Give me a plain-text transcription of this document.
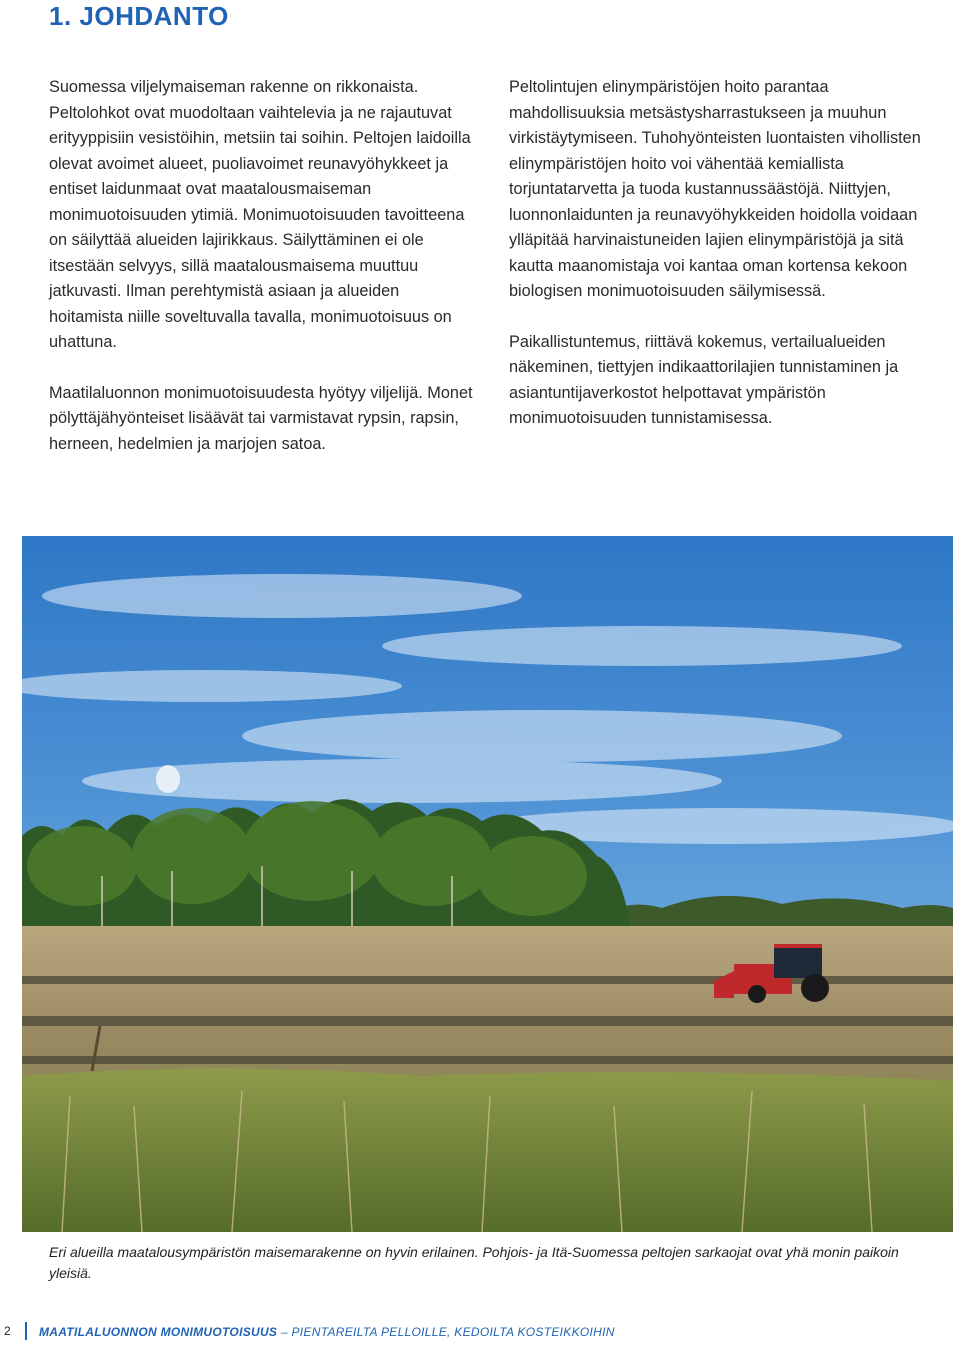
1. JOHDANTO

Suomessa viljelymaiseman rakenne on rikkonaista. Peltolohkot ovat muodoltaan vaihtelevia ja ne rajautuvat erityyppisiin vesistöihin, metsiin tai soihin. Peltojen laidoilla olevat avoimet alueet, puoliavoimet reunavyöhykkeet ja entiset laidunmaat ovat maatalousmaiseman monimuotoisuuden ytimiä. Monimuotoisuuden tavoitteena on säilyttää alueiden lajirikkaus. Säilyttäminen ei ole itsestään selvyys, sillä maatalousmaisema muuttuu jatkuvasti. Ilman perehtymistä asiaan ja alueiden hoitamista niille soveltuvalla tavalla, monimuotoisuus on uhattuna.

Maatilaluonnon monimuotoisuudesta hyötyy viljelijä. Monet pölyttäjähyönteiset lisäävät tai varmistavat rypsin, rapsin, herneen, hedelmien ja marjojen satoa.

Peltolintujen elinympäristöjen hoito parantaa mahdollisuuksia metsästysharrastukseen ja muuhun virkistäytymiseen. Tuhohyönteisten luontaisten vihollisten elinympäristöjen hoito voi vähentää kemiallista torjuntatarvetta ja tuoda kustannussäästöjä. Niittyjen, luonnonlaidunten ja reunavyöhykkeiden hoidolla voidaan ylläpitää harvinaistuneiden lajien elinympäristöjä ja sitä kautta maanomistaja voi kantaa oman kortensa kekoon biologisen monimuotoisuuden säilymisessä.

Paikallistuntemus, riittävä kokemus, vertailualueiden näkeminen, tiettyjen indikaattorilajien tunnistaminen ja asiantuntijaverkostot helpottavat ympäristön monimuotoisuuden tunnistamisessa.

Eri alueilla maatalousympäristön maisemarakenne on hyvin erilainen. Pohjois- ja Itä-Suomessa peltojen sarkaojat ovat yhä monin paikoin yleisiä.
2 MAATILALUONNON MONIMUOTOISUUS – PIENTAREILTA PELLOILLE, KEDOILTA KOSTEIKKOIHIN
